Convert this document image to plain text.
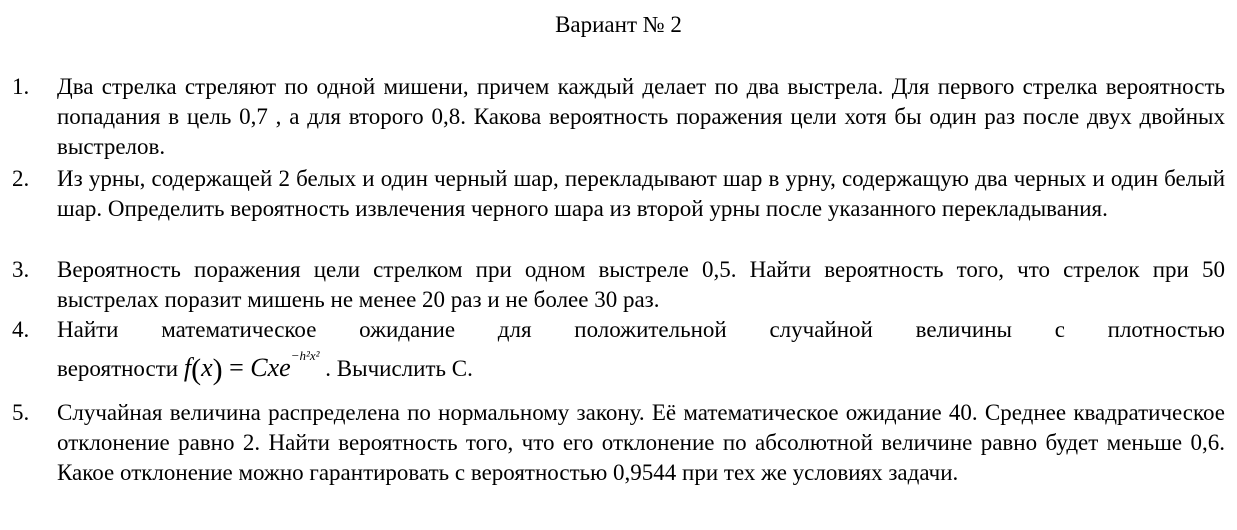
Вариант № 2
1. Два стрелка стреляют по одной мишени, причем каждый делает по два выстрела. Для первого стрелка вероятность попадания в цель 0,7 , а для второго 0,8. Какова вероятность поражения цели хотя бы один раз после двух двойных выстрелов.
2. Из урны, содержащей 2 белых и один черный шар, перекладывают шар в урну, содержащую два черных и один белый шар. Определить вероятность извлечения черного шара из второй урны после указанного перекладывания.
3. Вероятность поражения цели стрелком при одном выстреле 0,5. Найти вероятность того, что стрелок при 50 выстрелах поразит мишень не менее 20 раз и не более 30 раз.
4. Найти математическое ожидание для положительной случайной величины с плотностью
вероятности f(x) = Cxe$^{-h^2x^2}$ . Вычислить С.
5. Случайная величина распределена по нормальному закону. Её математическое ожидание 40. Среднее квадратическое отклонение равно 2. Найти вероятность того, что его отклонение по абсолютной величине равно будет меньше 0,6. Какое отклонение можно гарантировать с вероятностью 0,9544 при тех же условиях задачи.
